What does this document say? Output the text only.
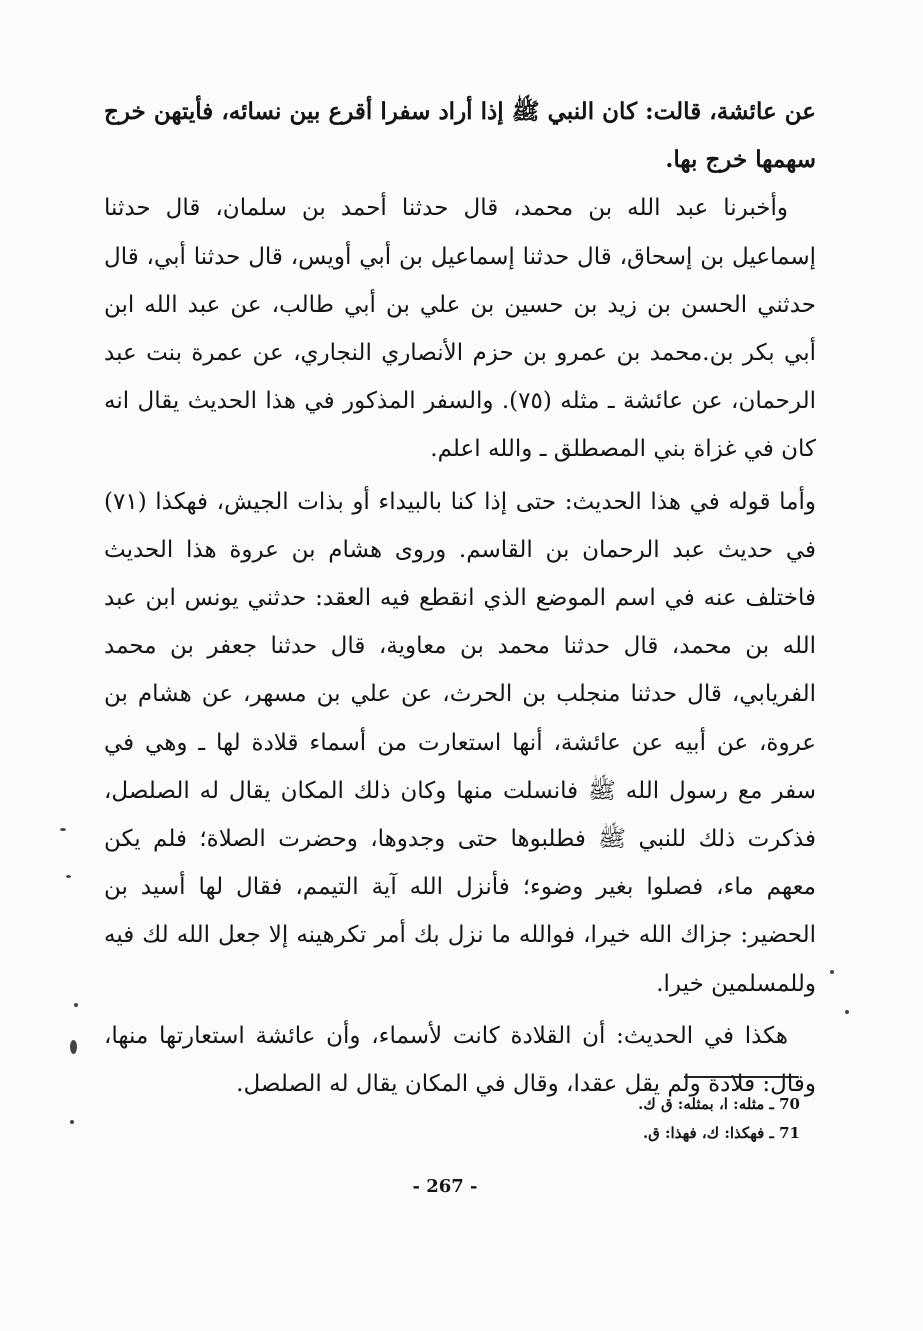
عن عائشة، قالت: كان النبي ﷺ إذا أراد سفرا أقرع بين نسائه، فأيتهن خرج سهمها خرج بها.

وأخبرنا عبد الله بن محمد، قال حدثنا أحمد بن سلمان، قال حدثنا إسماعيل بن إسحاق، قال حدثنا إسماعيل بن أبي أويس، قال حدثنا أبي، قال حدثني الحسن بن زيد بن حسين بن علي بن أبي طالب، عن عبد الله ابن أبي بكر بن.محمد بن عمرو بن حزم الأنصاري النجاري، عن عمرة بنت عبد الرحمان، عن عائشة ـ مثله (٧٥). والسفر المذكور في هذا الحديث يقال انه كان في غزاة بني المصطلق ـ والله اعلم.

وأما قوله في هذا الحديث: حتى إذا كنا بالبيداء أو بذات الجيش، فهكذا (٧١) في حديث عبد الرحمان بن القاسم. وروى هشام بن عروة هذا الحديث فاختلف عنه في اسم الموضع الذي انقطع فيه العقد: حدثني يونس ابن عبد الله بن محمد، قال حدثنا محمد بن معاوية، قال حدثنا جعفر بن محمد الفريابي، قال حدثنا منجلب بن الحرث، عن علي بن مسهر، عن هشام بن عروة، عن أبيه عن عائشة، أنها استعارت من أسماء قلادة لها ـ وهي في سفر مع رسول الله ﷺ فانسلت منها وكان ذلك المكان يقال له الصلصل، فذكرت ذلك للنبي ﷺ فطلبوها حتى وجدوها، وحضرت الصلاة؛ فلم يكن معهم ماء، فصلوا بغير وضوء؛ فأنزل الله آية التيمم، فقال لها أسيد بن الحضير: جزاك الله خيرا، فوالله ما نزل بك أمر تكرهينه إلا جعل الله لك فيه وللمسلمين خيرا.

هكذا في الحديث: أن القلادة كانت لأسماء، وأن عائشة استعارتها منها، وقال: قلادة ولم يقل عقدا، وقال في المكان يقال له الصلصل.

70 ـ مثله: ا، بمثله: ق ك.
71 ـ فهكذا: ك، فهذا: ق.
- 267 -
